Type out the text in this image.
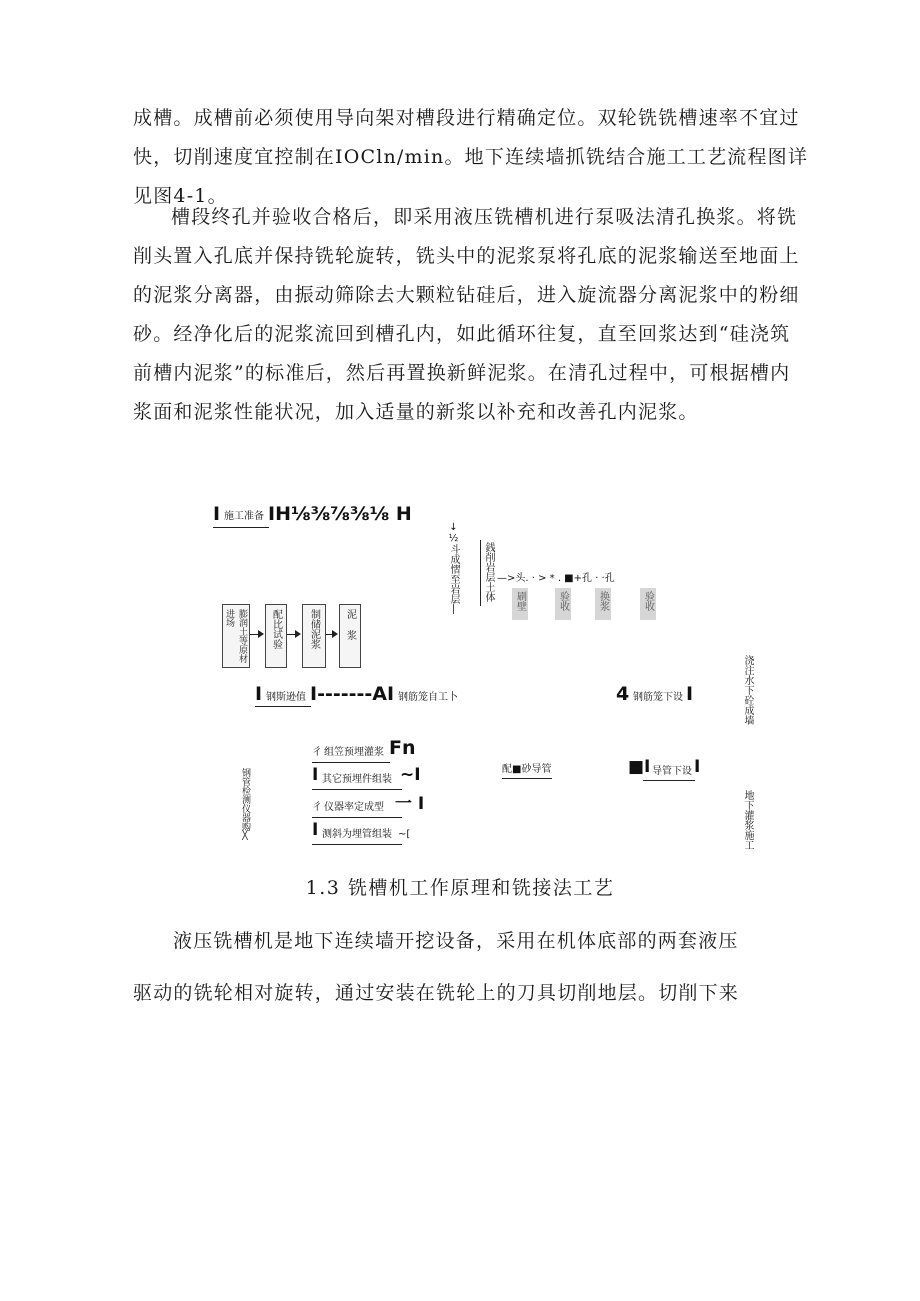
成槽。成槽前必须使用导向架对槽段进行精确定位。双轮铣铣槽速率不宜过
快，切削速度宜控制在IOCln/min。地下连续墙抓铣结合施工工艺流程图详
见图4-1。
槽段终孔并验收合格后，即采用液压铣槽机进行泵吸法清孔换浆。将铣
削头置入孔底并保持铣轮旋转，铣头中的泥浆泵将孔底的泥浆输送至地面上
的泥浆分离器，由振动筛除去大颗粒钻硅后，进入旋流器分离泥浆中的粉细
砂。经净化后的泥浆流回到槽孔内，如此循环往复，直至回浆达到“硅浇筑
前槽内泥浆”的标准后，然后再置换新鲜泥浆。在清孔过程中，可根据槽内
浆面和泥浆性能状况，加入适量的新浆以补充和改善孔内泥浆。
I 施工准备 IH⅛⅜⅞⅜⅛ H
↓½斗成慴至岩层∣ 銭削岩层土体 —>头. · > * . ■+孔 · ·孔
刷壁	验收	换浆	验收
膨润土等原材进场	配比试验	制储泥浆	泥 浆
I 钢斯逊值 I-------AI 钢筋笼自工卜	4 钢筋笼下设 I	浇注水下砼成墙
地下灌浆施工
钢管检测仪器购╳
彳 组笠预埋灌浆 Fn
I 其它预埋件组装 ~I
彳 仪器率定成型 一 I
I 测斜为埋管组装 ~[
配■砂导管	■I 导管下设 I

1.3 铣槽机工作原理和铣接法工艺

液压铣槽机是地下连续墙开挖设备，采用在机体底部的两套液压
驱动的铣轮相对旋转，通过安装在铣轮上的刀具切削地层。切削下来
